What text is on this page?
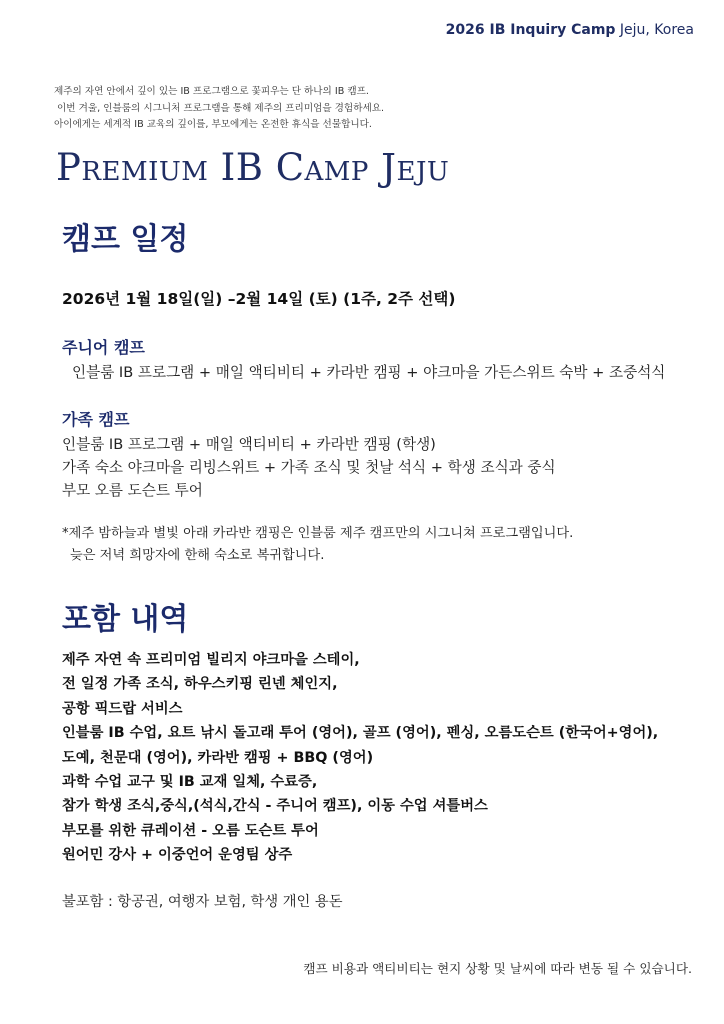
2026 IB Inquiry Camp Jeju, Korea
제주의 자연 안에서 깊이 있는 IB 프로그램으로 꽃피우는 단 하나의 IB 캠프.
이번 겨울, 인블룸의 시그니처 프로그램을 통해 제주의 프리미엄을 경험하세요.
아이에게는 세계적 IB 교육의 깊이를, 부모에게는 온전한 휴식을 선물합니다.
Premium IB Camp Jeju
캠프 일정
2026년 1월 18일(일) –2월 14일 (토) (1주, 2주 선택)
주니어 캠프
인블룸 IB 프로그램 + 매일 액티비티 + 카라반 캠핑 + 야크마을 가든스위트 숙박 + 조중석식
가족 캠프
인블룸 IB 프로그램 + 매일 액티비티 + 카라반 캠핑 (학생)
가족 숙소 야크마을 리빙스위트 + 가족 조식 및 첫날 석식 + 학생 조식과 중식
부모 오름 도슨트 투어
*제주 밤하늘과 별빛 아래 카라반 캠핑은 인블룸 제주 캠프만의 시그니쳐 프로그램입니다.
늦은 저녁 희망자에 한해 숙소로 복귀합니다.
포함 내역
제주 자연 속 프리미엄 빌리지 야크마을 스테이,
전 일정 가족 조식, 하우스키핑 린넨 체인지,
공항 픽드랍 서비스
인블룸 IB 수업, 요트 낚시 돌고래 투어 (영어), 골프 (영어), 펜싱, 오름도슨트 (한국어+영어),
도예, 천문대 (영어), 카라반 캠핑 + BBQ (영어)
과학 수업 교구 및 IB 교재 일체, 수료증,
참가 학생 조식,중식,(석식,간식 - 주니어 캠프), 이동 수업 셔틀버스
부모를 위한 큐레이션 - 오름 도슨트 투어
원어민 강사 + 이중언어 운영팀 상주
불포함 : 항공권, 여행자 보험, 학생 개인 용돈
캠프 비용과 액티비티는 현지 상황 및 날씨에 따라 변동 될 수 있습니다.
